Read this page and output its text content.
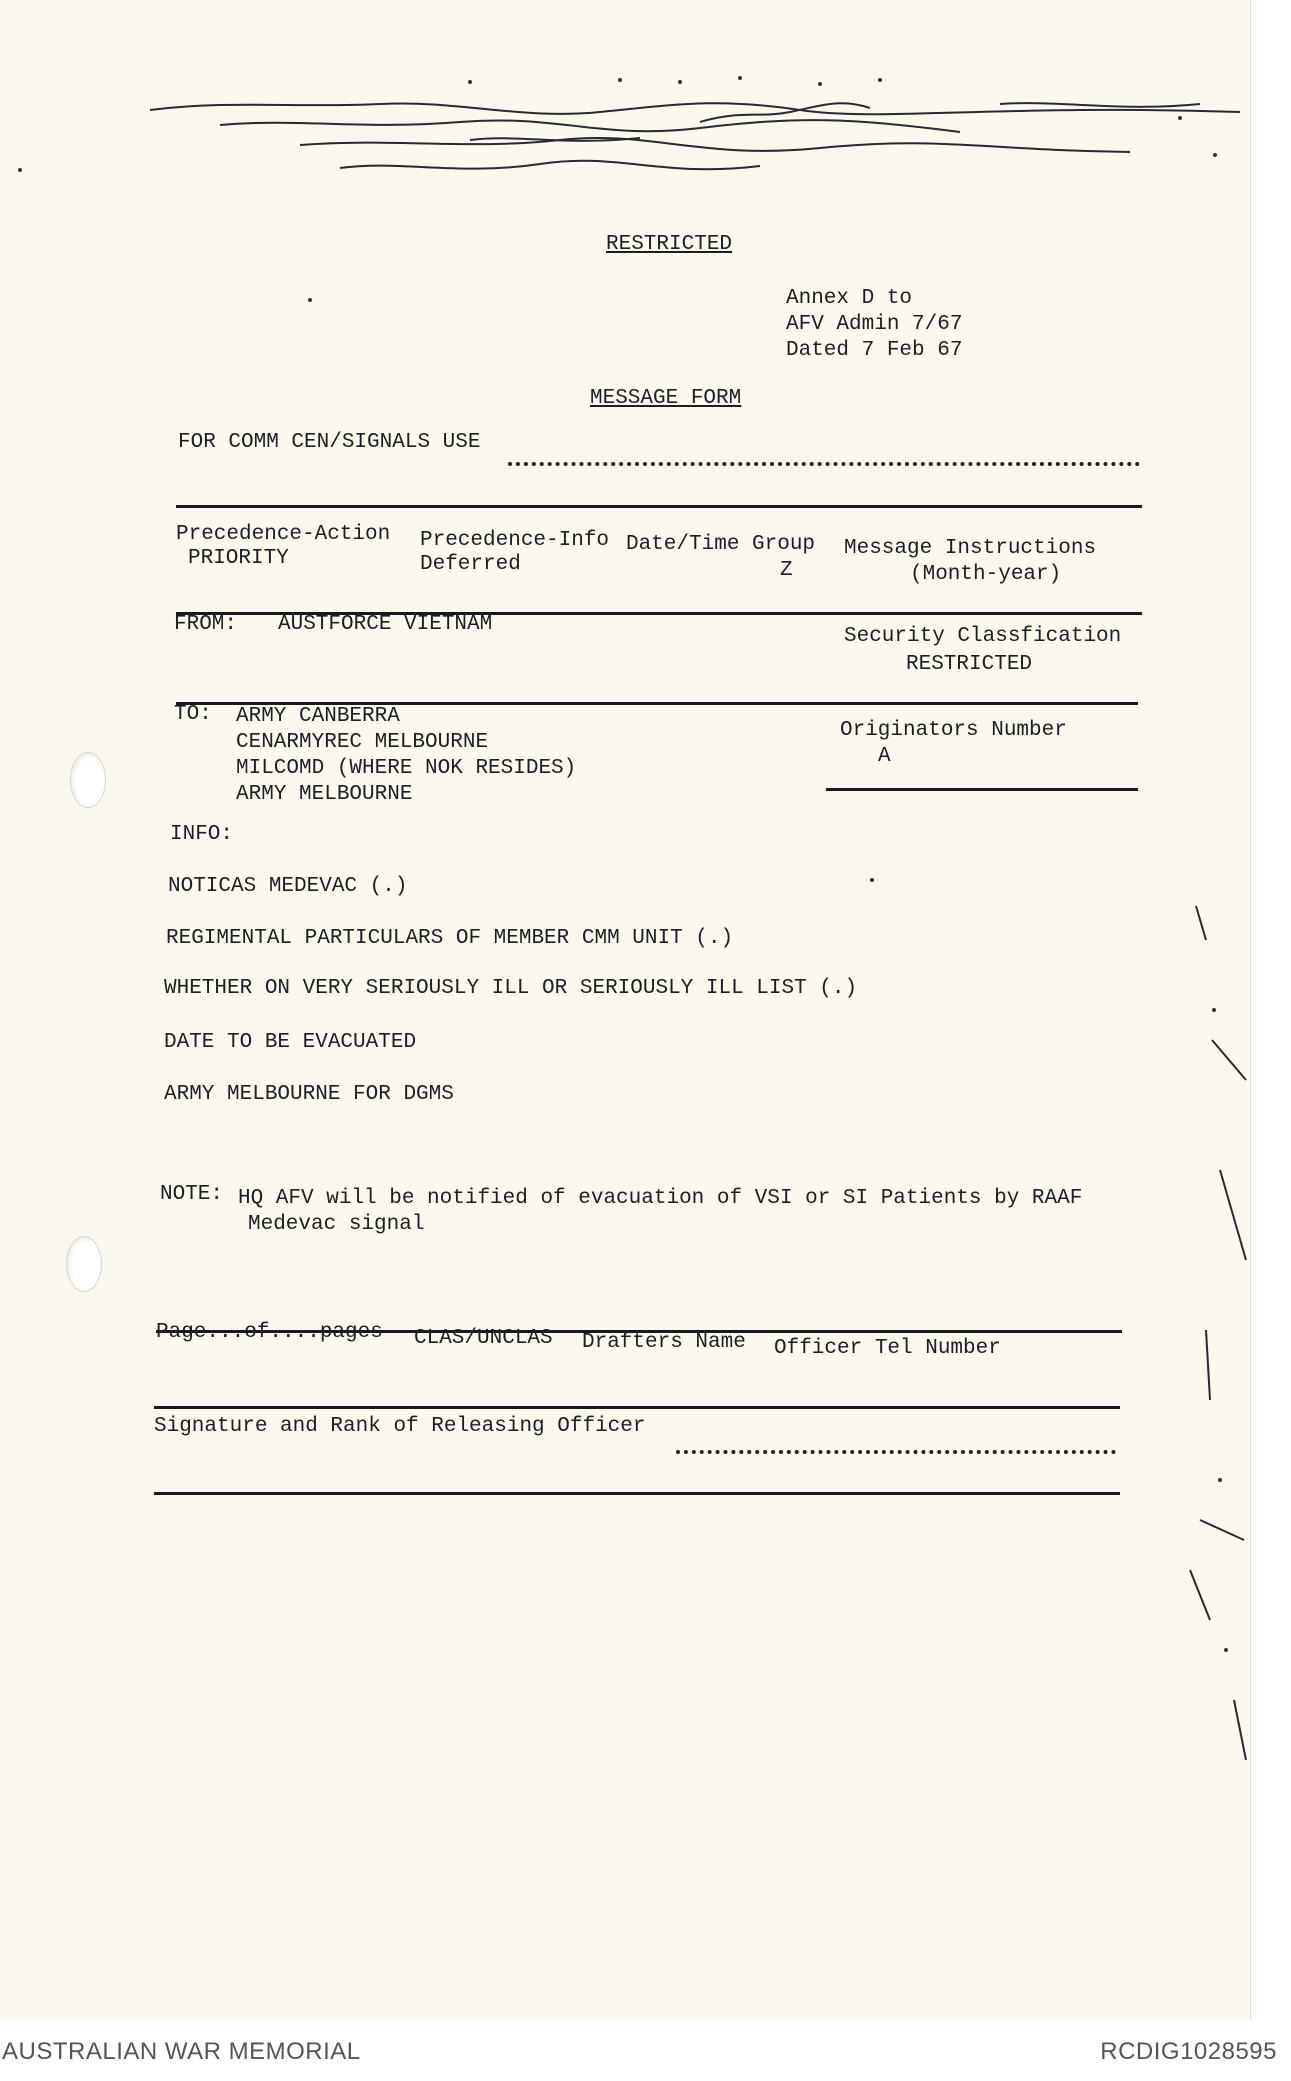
RESTRICTED
Annex D to
AFV Admin 7/67
Dated 7 Feb 67
MESSAGE FORM
FOR COMM CEN/SIGNALS USE
Precedence-Action
PRIORITY
Precedence-Info
Deferred
Date/Time Group
Z
Message Instructions
(Month-year)
FROM: AUSTFORCE VIETNAM
Security Classfication
RESTRICTED
TO: ARMY CANBERRA
CENARMYREC MELBOURNE
MILCOMD (WHERE NOK RESIDES)
ARMY MELBOURNE
Originators Number
A
INFO:
NOTICAS MEDEVAC (.)
REGIMENTAL PARTICULARS OF MEMBER CMM UNIT (.)
WHETHER ON VERY SERIOUSLY ILL OR SERIOUSLY ILL LIST (.)
DATE TO BE EVACUATED
ARMY MELBOURNE FOR DGMS
NOTE: HQ AFV will be notified of evacuation of VSI or SI Patients by RAAF
Medevac signal
Page...of....pages CLAS/UNCLAS Drafters Name Officer Tel Number
Signature and Rank of Releasing Officer
AUSTRALIAN WAR MEMORIAL	RCDIG1028595
